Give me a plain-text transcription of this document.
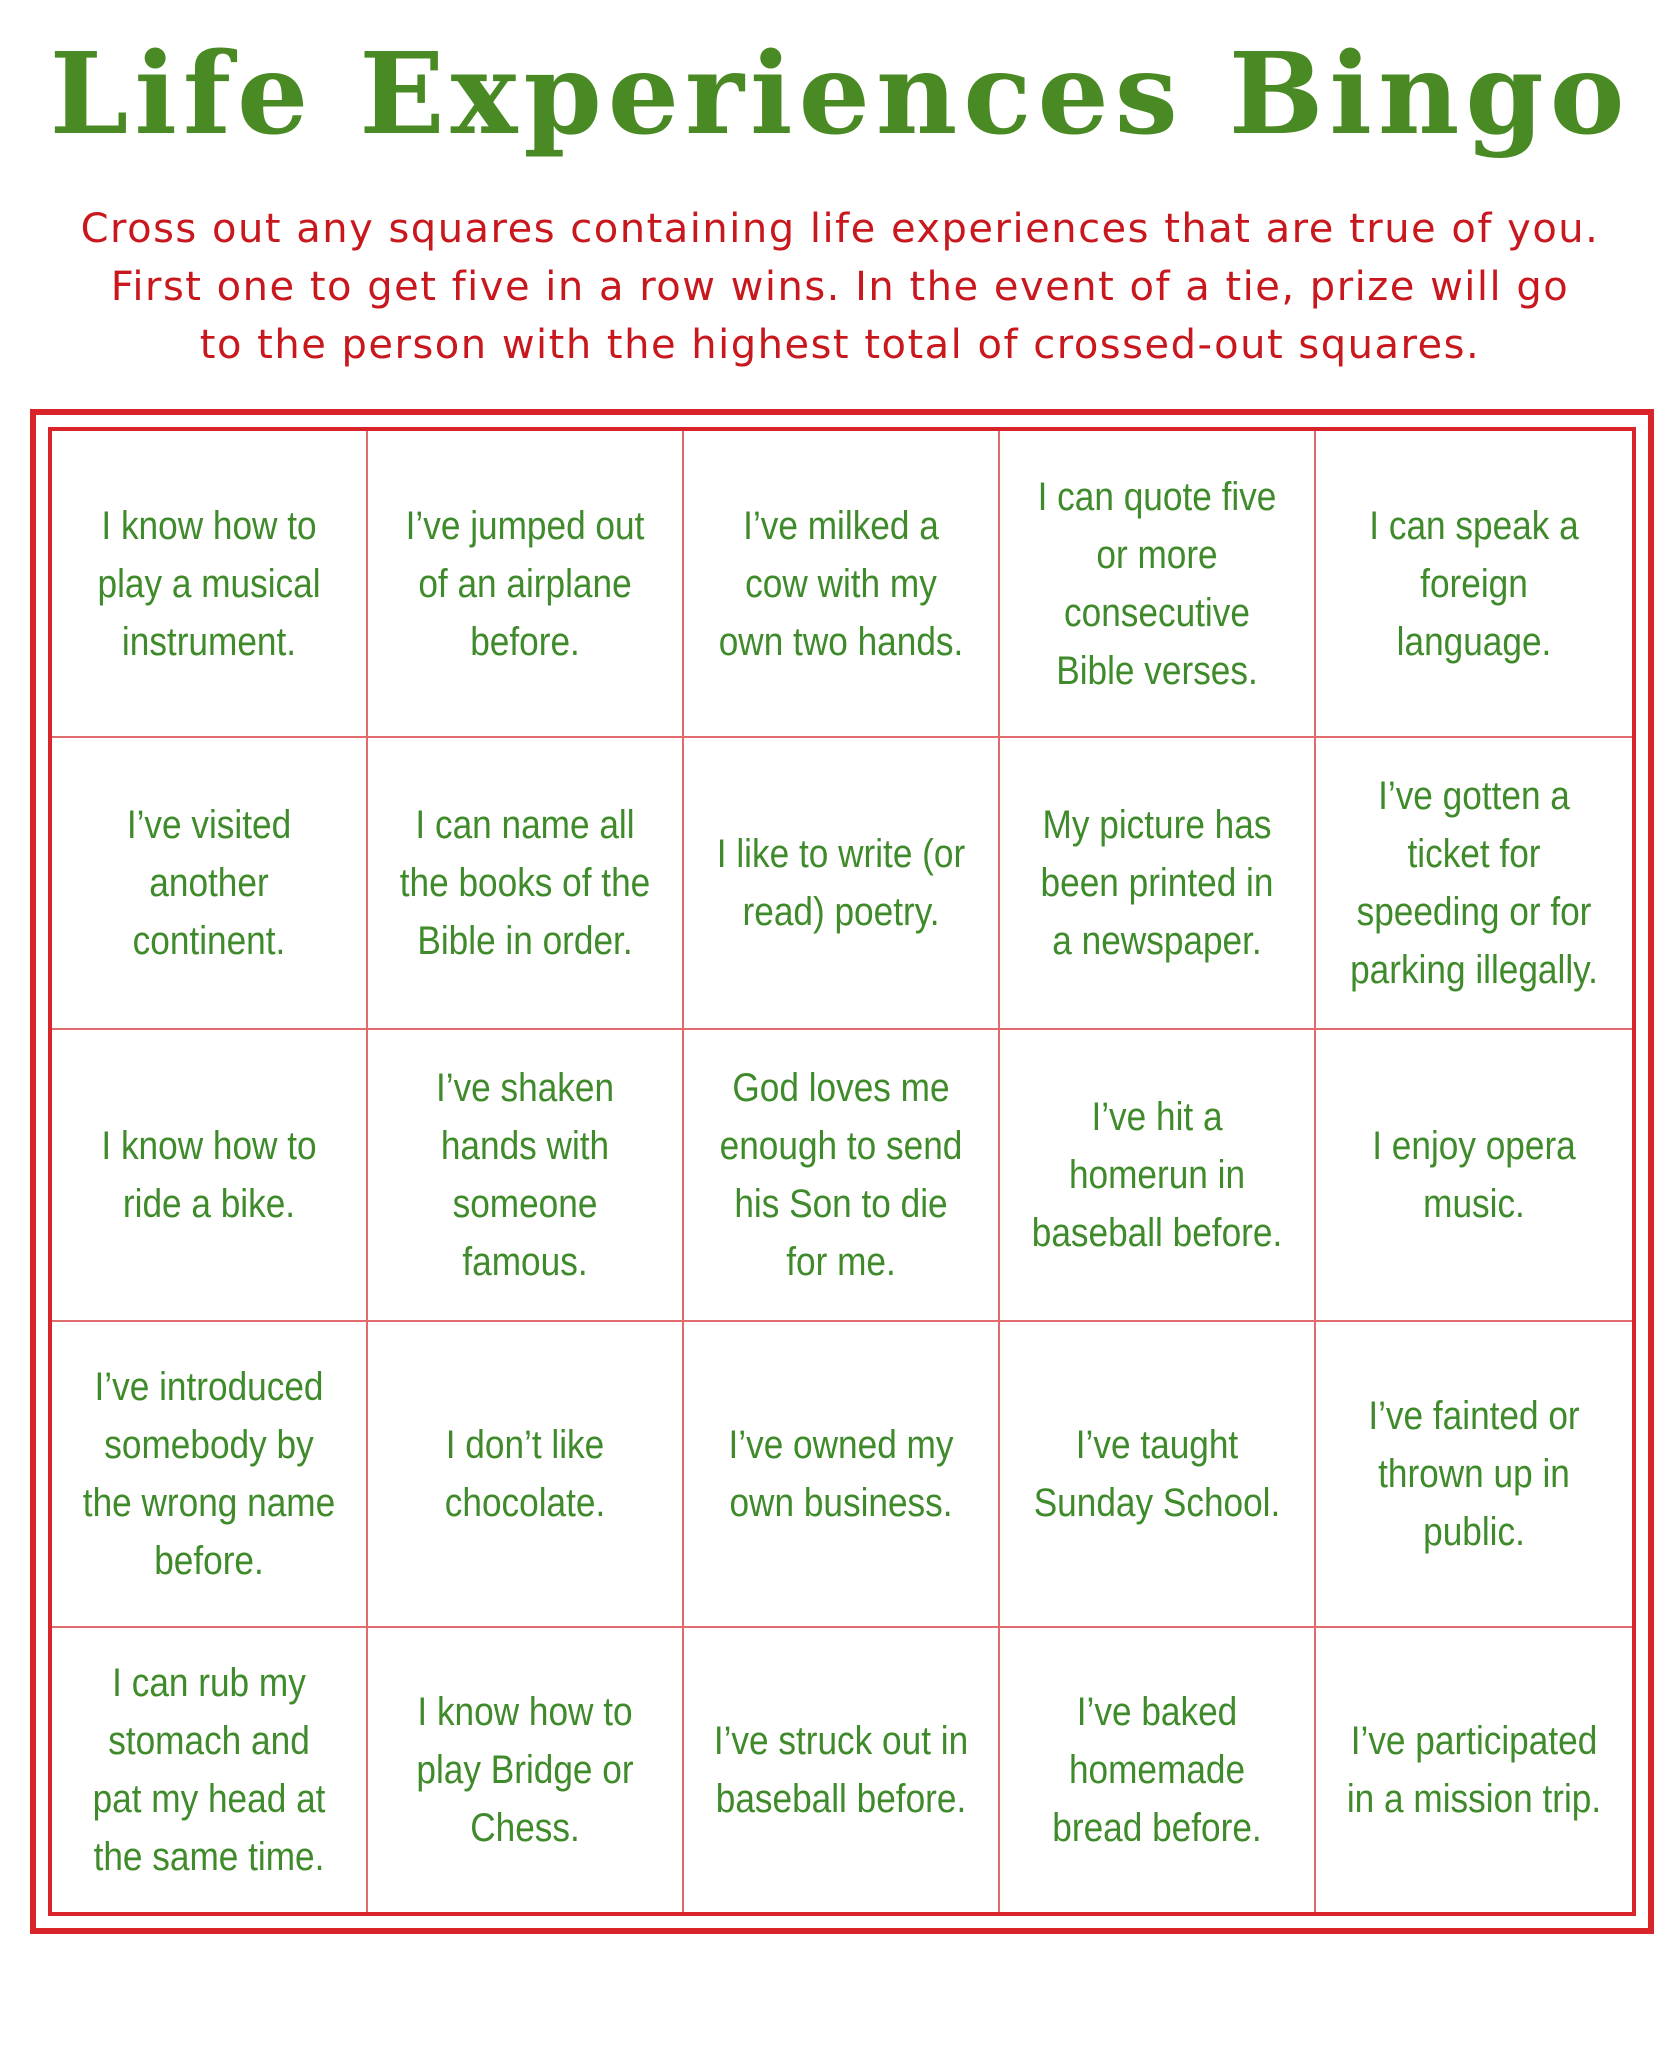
Life Experiences Bingo
Cross out any squares containing life experiences that are true of you.
First one to get five in a row wins. In the event of a tie, prize will go
to the person with the highest total of crossed-out squares.
I know how to play a musical instrument.
I’ve jumped out of an airplane before.
I’ve milked a cow with my own two hands.
I can quote five or more consecutive Bible verses.
I can speak a foreign language.
I’ve visited another continent.
I can name all the books of the Bible in order.
I like to write (or read) poetry.
My picture has been printed in a newspaper.
I’ve gotten a ticket for speeding or for parking illegally.
I know how to ride a bike.
I’ve shaken hands with someone famous.
God loves me enough to send his Son to die for me.
I’ve hit a homerun in baseball before.
I enjoy opera music.
I’ve introduced somebody by the wrong name before.
I don’t like chocolate.
I’ve owned my own business.
I’ve taught Sunday School.
I’ve fainted or thrown up in public.
I can rub my stomach and pat my head at the same time.
I know how to play Bridge or Chess.
I’ve struck out in baseball before.
I’ve baked homemade bread before.
I’ve participated in a mission trip.
